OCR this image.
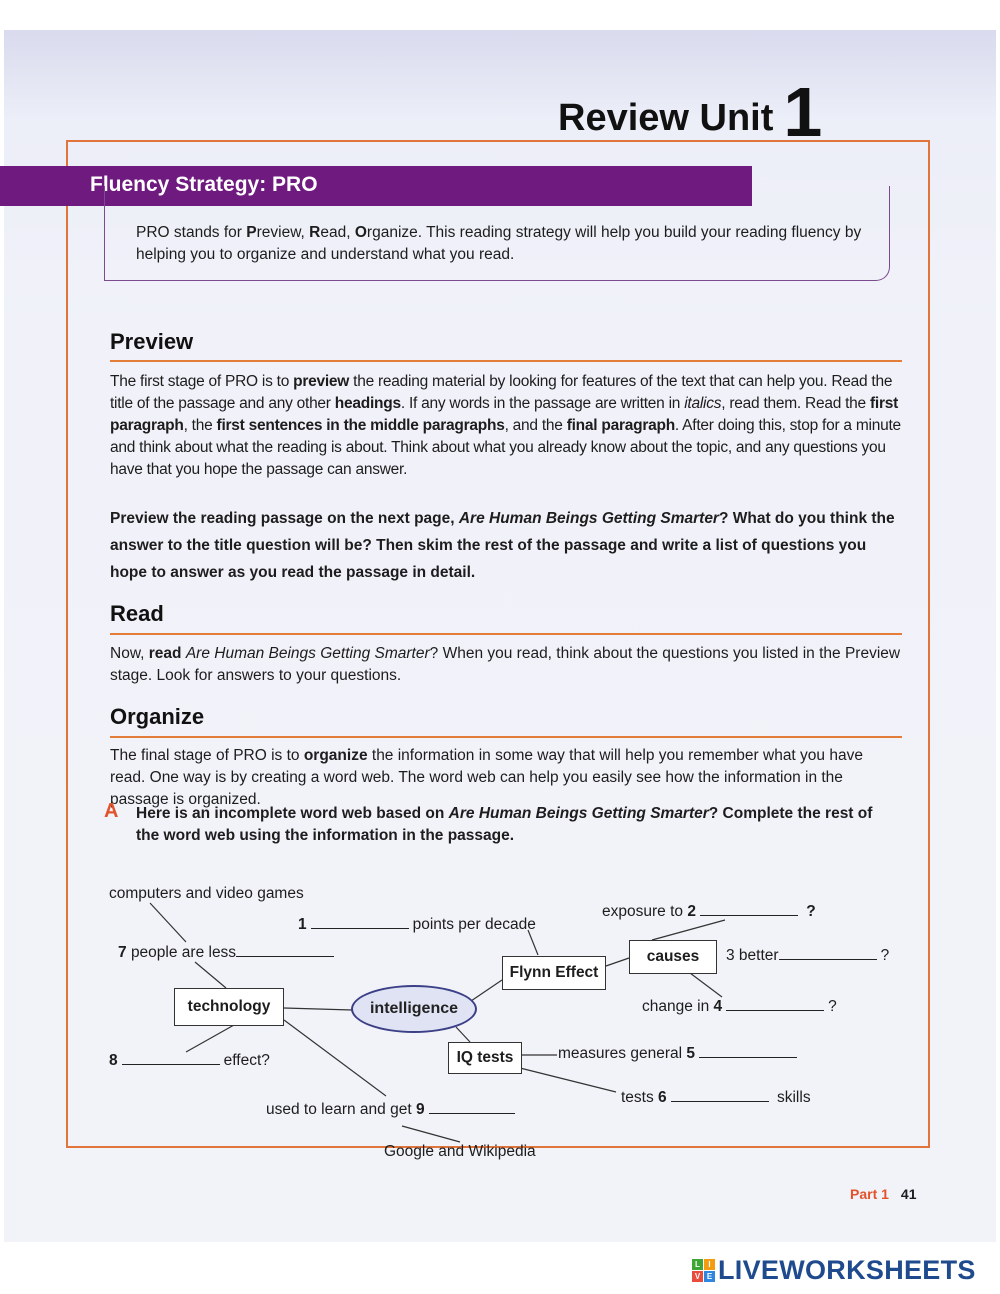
Review Unit 1
Fluency Strategy: PRO
PRO stands for Preview, Read, Organize. This reading strategy will help you build your reading fluency by helping you to organize and understand what you read.
Preview
The first stage of PRO is to preview the reading material by looking for features of the text that can help you. Read the title of the passage and any other headings. If any words in the passage are written in italics, read them. Read the first paragraph, the first sentences in the middle paragraphs, and the final paragraph. After doing this, stop for a minute and think about what the reading is about. Think about what you already know about the topic, and any questions you have that you hope the passage can answer.
Preview the reading passage on the next page, Are Human Beings Getting Smarter? What do you think the answer to the title question will be? Then skim the rest of the passage and write a list of questions you hope to answer as you read the passage in detail.
Read
Now, read Are Human Beings Getting Smarter? When you read, think about the questions you listed in the Preview stage. Look for answers to your questions.
Organize
The final stage of PRO is to organize the information in some way that will help you remember what you have read. One way is by creating a word web. The word web can help you easily see how the information in the passage is organized.
A Here is an incomplete word web based on Are Human Beings Getting Smarter? Complete the rest of the word web using the information in the passage.
computers and video games
1	points per decade
7 people are less
exposure to 2	?
Flynn Effect
causes	3 better	?
technology	intelligence	change in 4	?
IQ tests	measures general 5
8	effect?
tests 6	skills
used to learn and get 9
Google and Wikipedia
Part 1 41
L	I
V E LIVEWORKSHEETS
